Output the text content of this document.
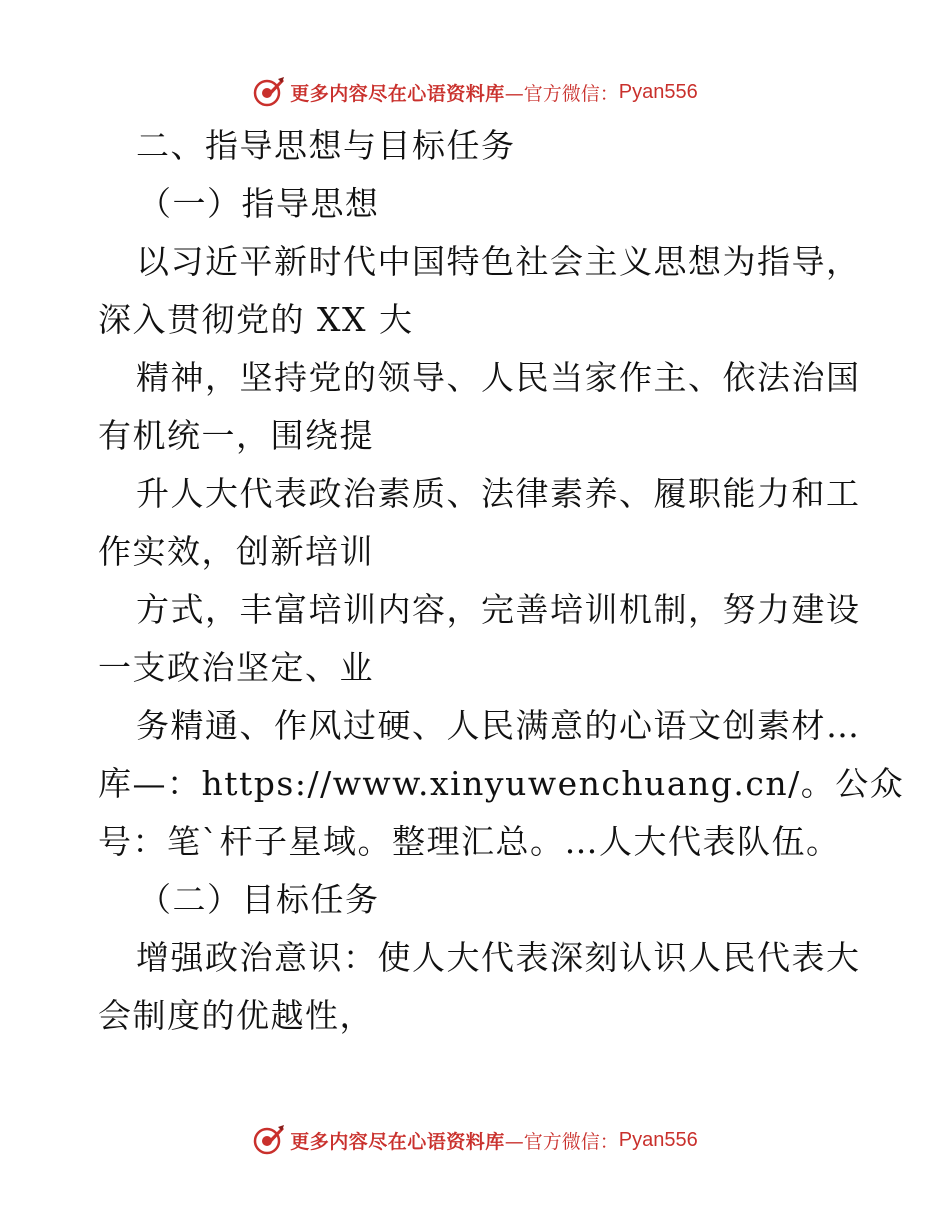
更多内容尽在心语资料库 —官方微信： Pyan556
二、指导思想与目标任务
（一）指导思想
以习近平新时代中国特色社会主义思想为指导，
深入贯彻党的 XX 大
精神，坚持党的领导、人民当家作主、依法治国
有机统一，围绕提
升人大代表政治素质、法律素养、履职能力和工
作实效，创新培训
方式，丰富培训内容，完善培训机制，努力建设
一支政治坚定、业
务精通、作风过硬、人民满意的心语文创素材…
库—：https://www.xinyuwenchuang.cn/。公众
号：笔`杆子星域。整理汇总。…人大代表队伍。
（二）目标任务
增强政治意识：使人大代表深刻认识人民代表大
会制度的优越性，
更多内容尽在心语资料库 —官方微信： Pyan556
